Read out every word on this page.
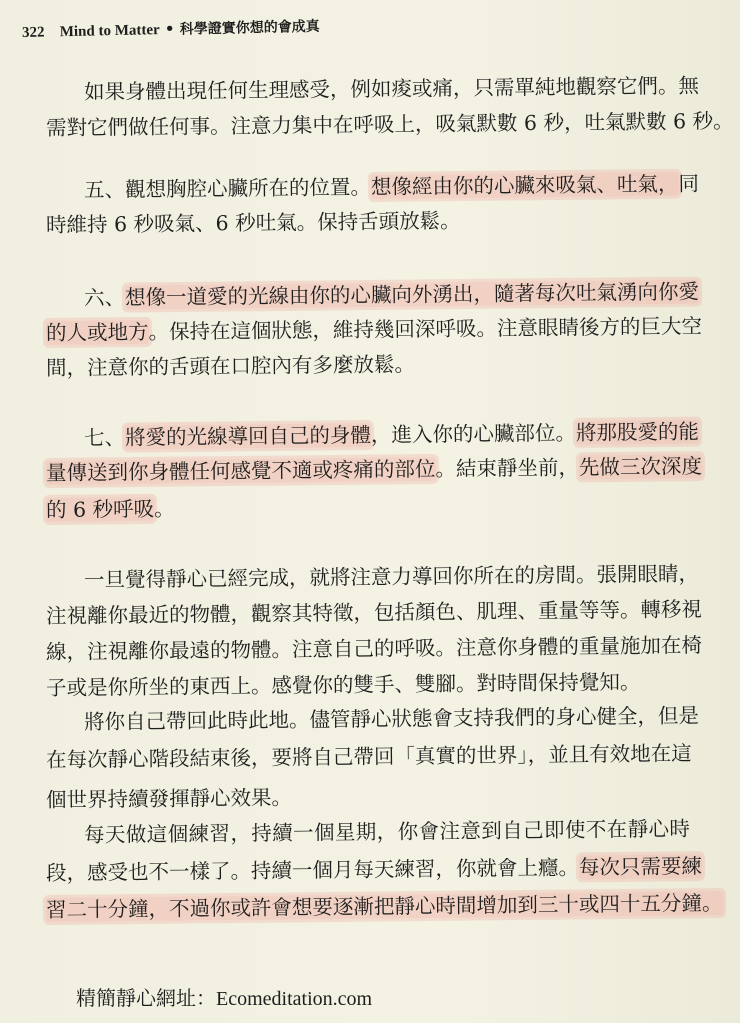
322 Mind to Matter • 科學證實你想的會成真
如果身體出現任何生理感受，例如痠或痛，只需單純地觀察它們。無
需對它們做任何事。注意力集中在呼吸上，吸氣默數 6 秒，吐氣默數 6 秒。
五、觀想胸腔心臟所在的位置。想像經由你的心臟來吸氣、吐氣，同
時維持 6 秒吸氣、6 秒吐氣。保持舌頭放鬆。
六、想像一道愛的光線由你的心臟向外湧出，隨著每次吐氣湧向你愛
的人或地方。保持在這個狀態，維持幾回深呼吸。注意眼睛後方的巨大空
間，注意你的舌頭在口腔內有多麼放鬆。
七、將愛的光線導回自己的身體，進入你的心臟部位。將那股愛的能
量傳送到你身體任何感覺不適或疼痛的部位。結束靜坐前，先做三次深度
的 6 秒呼吸。
一旦覺得靜心已經完成，就將注意力導回你所在的房間。張開眼睛，
注視離你最近的物體，觀察其特徵，包括顏色、肌理、重量等等。轉移視
線，注視離你最遠的物體。注意自己的呼吸。注意你身體的重量施加在椅
子或是你所坐的東西上。感覺你的雙手、雙腳。對時間保持覺知。
將你自己帶回此時此地。儘管靜心狀態會支持我們的身心健全，但是
在每次靜心階段結束後，要將自己帶回「真實的世界」，並且有效地在這
個世界持續發揮靜心效果。
每天做這個練習，持續一個星期，你會注意到自己即使不在靜心時
段，感受也不一樣了。持續一個月每天練習，你就會上癮。每次只需要練
習二十分鐘，不過你或許會想要逐漸把靜心時間增加到三十或四十五分鐘。
精簡靜心網址：Ecomeditation.com
